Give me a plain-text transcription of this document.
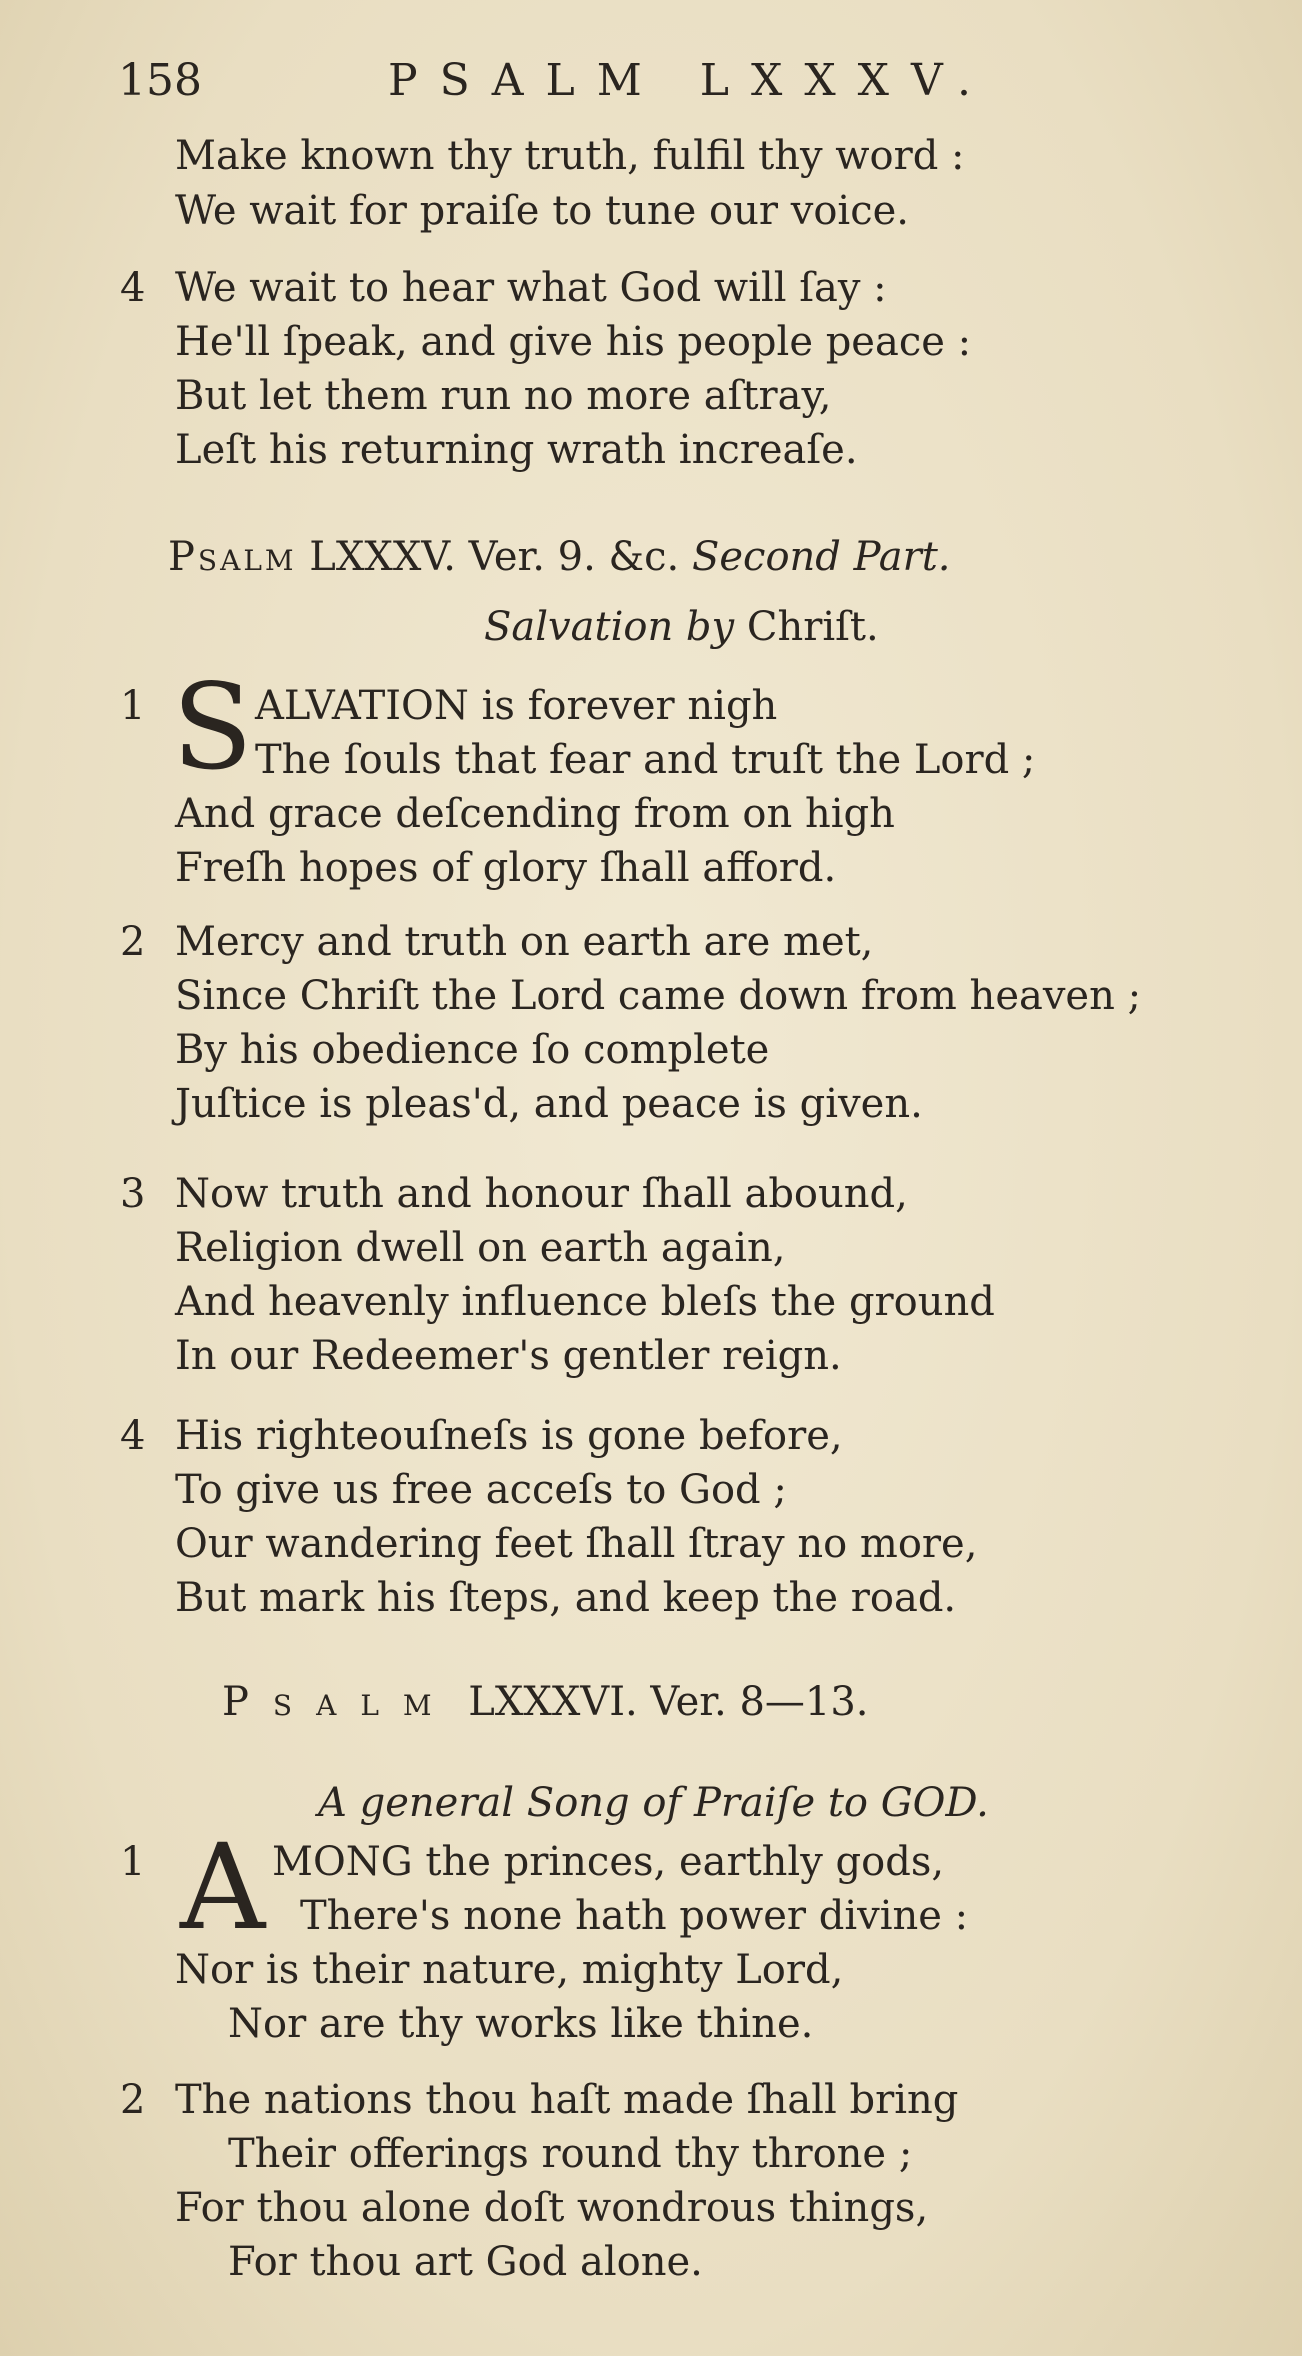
158	PSALM LXXXV.
Make known thy truth, fulfil thy word :
We wait for praiſe to tune our voice.
4 We wait to hear what God will ſay :
He'll ſpeak, and give his people peace :
But let them run no more aſtray,
Leſt his returning wrath increaſe.
Psalm LXXXV. Ver. 9. &c. Second Part.
Salvation by Chriſt.
1 S ALVATION is forever nigh
The ſouls that fear and truſt the Lord ;
And grace deſcending from on high
Freſh hopes of glory ſhall afford.
2 Mercy and truth on earth are met,
Since Chriſt the Lord came down from heaven ;
By his obedience ſo complete
Juſtice is pleas'd, and peace is given.
3 Now truth and honour ſhall abound,
Religion dwell on earth again,
And heavenly influence bleſs the ground
In our Redeemer's gentler reign.
4 His righteouſneſs is gone before,
To give us free acceſs to God ;
Our wandering feet ſhall ſtray no more,
But mark his ſteps, and keep the road.
Psalm LXXXVI. Ver. 8—13.
A general Song of Praiſe to GOD.
1 A MONG the princes, earthly gods,
There's none hath power divine :
Nor is their nature, mighty Lord,
Nor are thy works like thine.
2 The nations thou haſt made ſhall bring
Their offerings round thy throne ;
For thou alone doſt wondrous things,
For thou art God alone.
